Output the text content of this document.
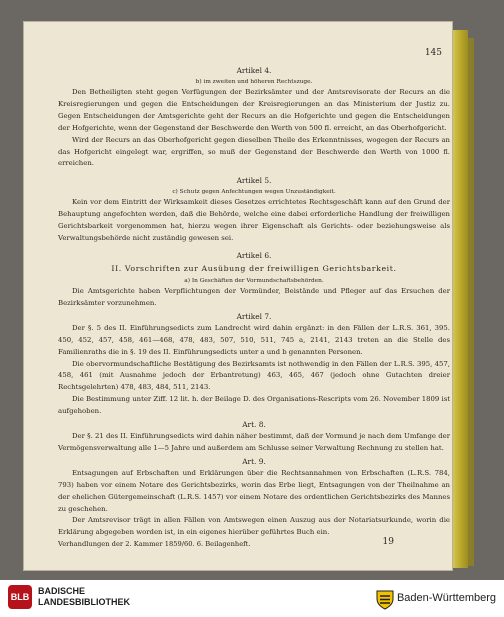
145
Artikel 4.
b) im zweiten und höheren Rechtszuge.

Den Betheiligten steht gegen Verfügungen der Bezirksämter und der Amtsrevisorate der Recurs an die Kreisregierungen und gegen die Entscheidungen der Kreisregierungen an das Ministerium der Justiz zu. Gegen Entscheidungen der Amtsgerichte geht der Recurs an die Hofgerichte und gegen die Entscheidungen der Hofgerichte, wenn der Gegenstand der Beschwerde den Werth von 500 fl. erreicht, an das Oberhofgericht.

Wird der Recurs an das Oberhofgericht gegen dieselben Theile des Erkenntnisses, wogegen der Recurs an das Hofgericht eingelegt war, ergriffen, so muß der Gegenstand der Beschwerde den Werth von 1000 fl. erreichen.

Artikel 5.
c) Schutz gegen Anfechtungen wegen Unzuständigkeit.

Kein vor dem Eintritt der Wirksamkeit dieses Gesetzes errichtetes Rechtsgeschäft kann auf den Grund der Behauptung angefochten werden, daß die Behörde, welche eine dabei erforderliche Handlung der freiwilligen Gerichtsbarkeit vorgenommen hat, hierzu wegen ihrer Eigenschaft als Gerichts- oder beziehungsweise als Verwaltungsbehörde nicht zuständig gewesen sei.

Artikel 6.
II. Vorschriften zur Ausübung der freiwilligen Gerichtsbarkeit.
a) In Geschäften der Vormundschaftsbehörden.

Die Amtsgerichte haben Verpflichtungen der Vormünder, Beistände und Pfleger auf das Ersuchen der Bezirksämter vorzunehmen.

Artikel 7.

Der §. 5 des II. Einführungsedicts zum Landrecht wird dahin ergänzt: in den Fällen der L.R.S. 361, 395. 450, 452, 457, 458, 461—468, 478, 483, 507, 510, 511, 745 a, 2141, 2143 treten an die Stelle des Familienraths die in §. 19 des II. Einführungsedicts unter a und b genannten Personen.

Die obervormundschaftliche Bestätigung des Bezirksamts ist nothwendig in den Fällen der L.R.S. 395, 457, 458, 461 (mit Ausnahme jedoch der Erbantretung) 463, 465, 467 (jedoch ohne Gutachten dreier Rechtsgelehrten) 478, 483, 484, 511, 2143.

Die Bestimmung unter Ziff. 12 lit. h. der Beilage D. des Organisations-Rescripts vom 26. November 1809 ist aufgehoben.

Art. 8.

Der §. 21 des II. Einführungsedicts wird dahin näher bestimmt, daß der Vormund je nach dem Umfange der Vermögensverwaltung alle 1—5 Jahre und außerdem am Schlusse seiner Verwaltung Rechnung zu stellen hat.

Art. 9.

Entsagungen auf Erbschaften und Erklärungen über die Rechtsannahmen von Erbschaften (L.R.S. 784, 793) haben vor einem Notare des Gerichtsbezirks, worin das Erbe liegt, Entsagungen von der Theilnahme an der ehelichen Gütergemeinschaft (L.R.S. 1457) vor einem Notare des ordentlichen Gerichtsbezirks des Mannes zu geschehen.

Der Amtsrevisor trägt in allen Fällen von Amtswegen einen Auszug aus der Notariatsurkunde, worin die Erklärung abgegeben worden ist, in ein eigenes hierüber geführtes Buch ein.

Verhandlungen der 2. Kammer 1859/60. 6. Beilagenheft.	19
BLB
BADISCHE
LANDESBIBLIOTHEK	Baden-Württemberg
